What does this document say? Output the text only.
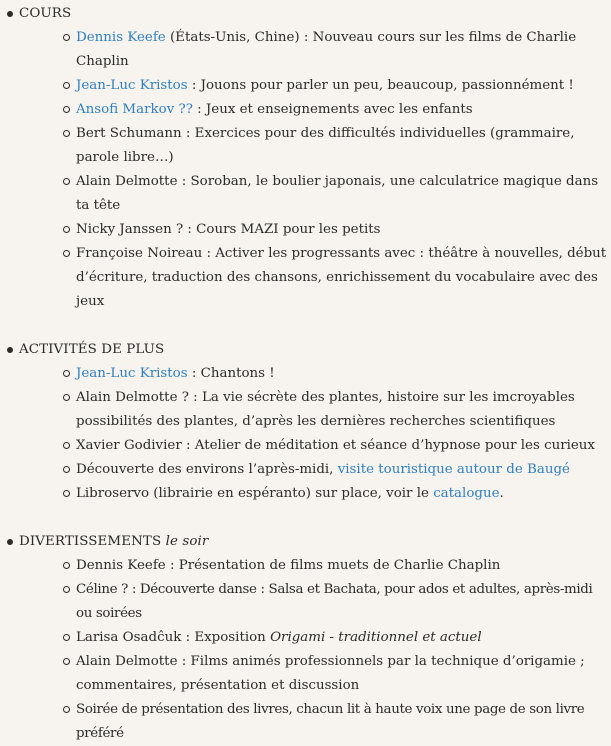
COURS
Dennis Keefe (États-Unis, Chine) : Nouveau cours sur les films de Charlie Chaplin
Jean-Luc Kristos : Jouons pour parler un peu, beaucoup, passionnément !
Ansofi Markov ?? : Jeux et enseignements avec les enfants
Bert Schumann : Exercices pour des difficultés individuelles (grammaire, parole libre…)
Alain Delmotte : Soroban, le boulier japonais, une calculatrice magique dans ta tête
Nicky Janssen ? : Cours MAZI pour les petits
Françoise Noireau : Activer les progressants avec : théâtre à nouvelles, début d’écriture, traduction des chansons, enrichissement du vocabulaire avec des jeux
ACTIVITÉS DE PLUS
Jean-Luc Kristos : Chantons !
Alain Delmotte ? : La vie sécrète des plantes, histoire sur les imcroyables possibilités des plantes, d’après les dernières recherches scientifiques
Xavier Godivier : Atelier de méditation et séance d’hypnose pour les curieux
Découverte des environs l’après-midi, visite touristique autour de Baugé
Libroservo (librairie en espéranto) sur place, voir le catalogue.
DIVERTISSEMENTS le soir
Dennis Keefe : Présentation de films muets de Charlie Chaplin
Céline ? : Découverte danse : Salsa et Bachata, pour ados et adultes, après-midi ou soirées
Larisa Osadĉuk : Exposition Origami - traditionnel et actuel
Alain Delmotte : Films animés professionnels par la technique d’origamie ; commentaires, présentation et discussion
Soirée de présentation des livres, chacun lit à haute voix une page de son livre préféré
